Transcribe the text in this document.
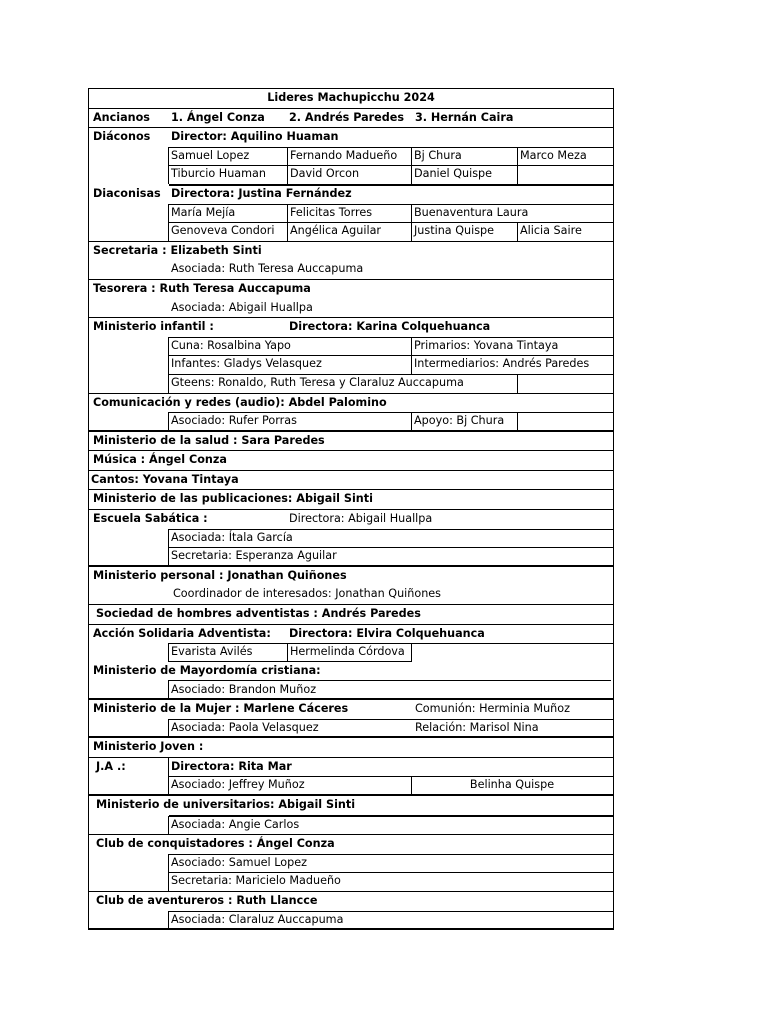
Lideres Machupicchu 2024
Ancianos	1. Ángel Conza	2. Andrés Paredes 3. Hernán Caira
Diáconos	Director: Aquilino Huaman
Samuel Lopez	Fernando Madueño	Bj Chura	Marco Meza
Tiburcio Huaman	David Orcon	Daniel Quispe
Diaconisas Directora: Justina Fernández
María Mejía	Felicitas Torres	Buenaventura Laura
Genoveva Condori	Angélica Aguilar	Justina Quispe	Alicia Saire
Secretaria : Elizabeth Sinti
Asociada: Ruth Teresa Auccapuma
Tesorera : Ruth Teresa Auccapuma
Asociada: Abigail Huallpa
Ministerio infantil :	Directora: Karina Colquehuanca
Cuna: Rosalbina Yapo	Primarios: Yovana Tintaya
Infantes: Gladys Velasquez	Intermediarios: Andrés Paredes
Gteens: Ronaldo, Ruth Teresa y Claraluz Auccapuma
Comunicación y redes (audio): Abdel Palomino
Asociado: Rufer Porras	Apoyo: Bj Chura
Ministerio de la salud : Sara Paredes
Música : Ángel Conza
Cantos: Yovana Tintaya
Ministerio de las publicaciones: Abigail Sinti
Escuela Sabática :	Directora: Abigail Huallpa
Asociada: Ítala García
Secretaria: Esperanza Aguilar
Ministerio personal : Jonathan Quiñones
Coordinador de interesados: Jonathan Quiñones
Sociedad de hombres adventistas : Andrés Paredes
Acción Solidaria Adventista:	Directora: Elvira Colquehuanca
Evarista Avilés	Hermelinda Córdova
Ministerio de Mayordomía cristiana:
Asociado: Brandon Muñoz
Ministerio de la Mujer : Marlene Cáceres	Comunión: Herminia Muñoz
Asociada: Paola Velasquez	Relación: Marisol Nina
Ministerio Joven :
J.A .:	Directora: Rita Mar
Asociado: Jeffrey Muñoz	Belinha Quispe
Ministerio de universitarios: Abigail Sinti
Asociada: Angie Carlos
Club de conquistadores : Ángel Conza
Asociado: Samuel Lopez
Secretaria: Maricielo Madueño
Club de aventureros : Ruth Llancce
Asociada: Claraluz Auccapuma
